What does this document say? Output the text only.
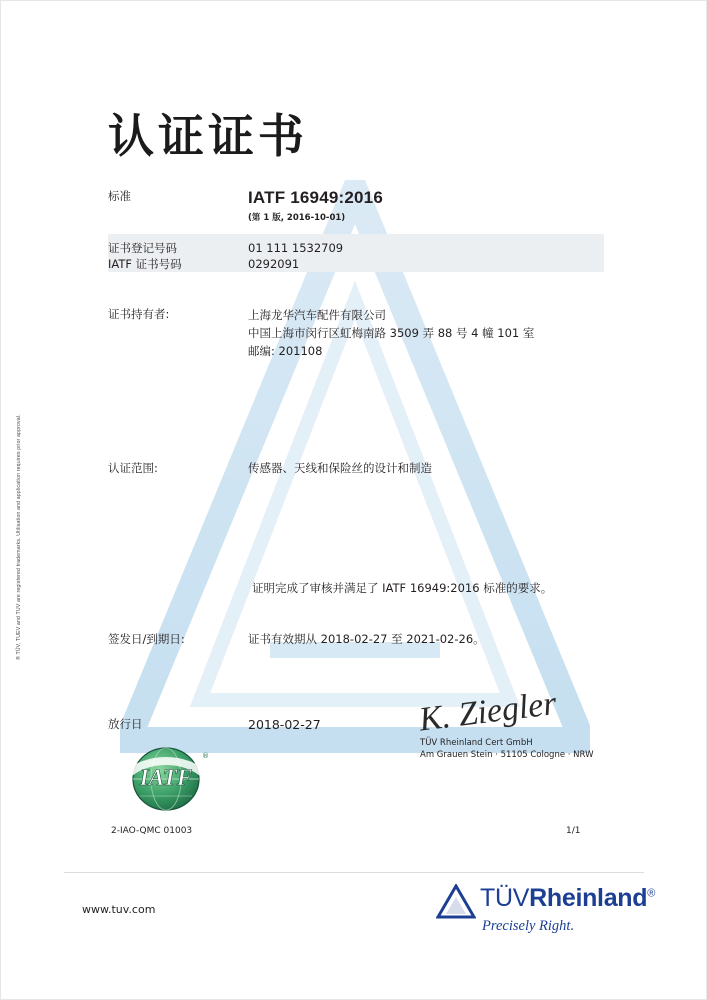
® TÜV, TUEV and TUV are registered trademarks. Utilisation and application requires prior approval.
认证证书
标准	IATF 16949:2016
(第 1 版, 2016-10-01)
证书登记号码	01 111 1532709
IATF 证书号码	0292091
证书持有者:	上海龙华汽车配件有限公司
中国上海市闵行区虹梅南路 3509 弄 88 号 4 幢 101 室
邮编: 201108
认证范围:	传感器、天线和保险丝的设计和制造
证明完成了审核并满足了 IATF 16949:2016 标准的要求。
签发日/到期日:	证书有效期从 2018-02-27 至 2021-02-26。
放行日	2018-02-27	K. Ziegler
TÜV Rheinland Cert GmbH
Am Grauen Stein · 51105 Cologne · NRW
IATF
®
2-IAO-QMC 01003	1/1
www.tuv.com	TÜVRheinland®
Precisely Right.
